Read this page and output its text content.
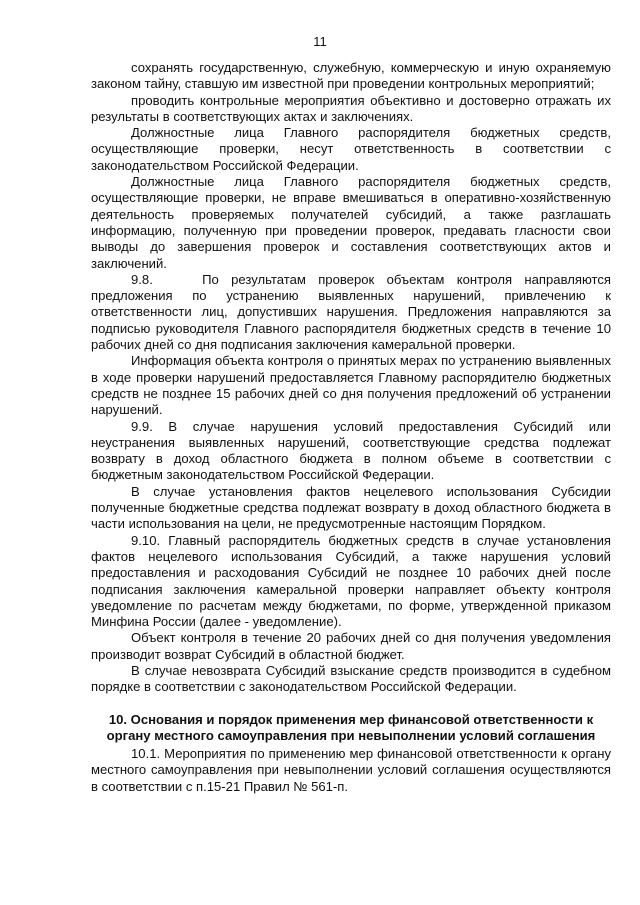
11

сохранять государственную, служебную, коммерческую и иную охраняемую законом тайну, ставшую им известной при проведении контрольных мероприятий;

проводить контрольные мероприятия объективно и достоверно отражать их результаты в соответствующих актах и заключениях.

Должностные лица Главного распорядителя бюджетных средств, осуществляющие проверки, несут ответственность в соответствии с законодательством Российской Федерации.

Должностные лица Главного распорядителя бюджетных средств, осуществляющие проверки, не вправе вмешиваться в оперативно-хозяйственную деятельность проверяемых получателей субсидий, а также разглашать информацию, полученную при проведении проверок, предавать гласности свои выводы до завершения проверок и составления соответствующих актов и заключений.

9.8.    По результатам проверок объектам контроля направляются предложения по устранению выявленных нарушений, привлечению к ответственности лиц, допустивших нарушения. Предложения направляются за подписью руководителя Главного распорядителя бюджетных средств в течение 10 рабочих дней со дня подписания заключения камеральной проверки.

Информация объекта контроля о принятых мерах по устранению выявленных в ходе проверки нарушений предоставляется Главному распорядителю бюджетных средств не позднее 15 рабочих дней со дня получения предложений об устранении нарушений.

9.9. В случае нарушения условий предоставления Субсидий или неустранения выявленных нарушений, соответствующие средства подлежат возврату в доход областного бюджета в полном объеме в соответствии с бюджетным законодательством Российской Федерации.

В случае установления фактов нецелевого использования Субсидии полученные бюджетные средства подлежат возврату в доход областного бюджета в части использования на цели, не предусмотренные настоящим Порядком.

9.10. Главный распорядитель бюджетных средств в случае установления фактов нецелевого использования Субсидий, а также нарушения условий предоставления и расходования Субсидий не позднее 10 рабочих дней после подписания заключения камеральной проверки направляет объекту контроля уведомление по расчетам между бюджетами, по форме, утвержденной приказом Минфина России (далее - уведомление).

Объект контроля в течение 20 рабочих дней со дня получения уведомления производит возврат Субсидий в областной бюджет.

В случае невозврата Субсидий взыскание средств производится в судебном порядке в соответствии с законодательством Российской Федерации.

10. Основания и порядок применения мер финансовой ответственности к органу местного самоуправления при невыполнении условий соглашения

10.1. Мероприятия по применению мер финансовой ответственности к органу местного самоуправления при невыполнении условий соглашения осуществляются в соответствии с п.15-21 Правил № 561-п.
